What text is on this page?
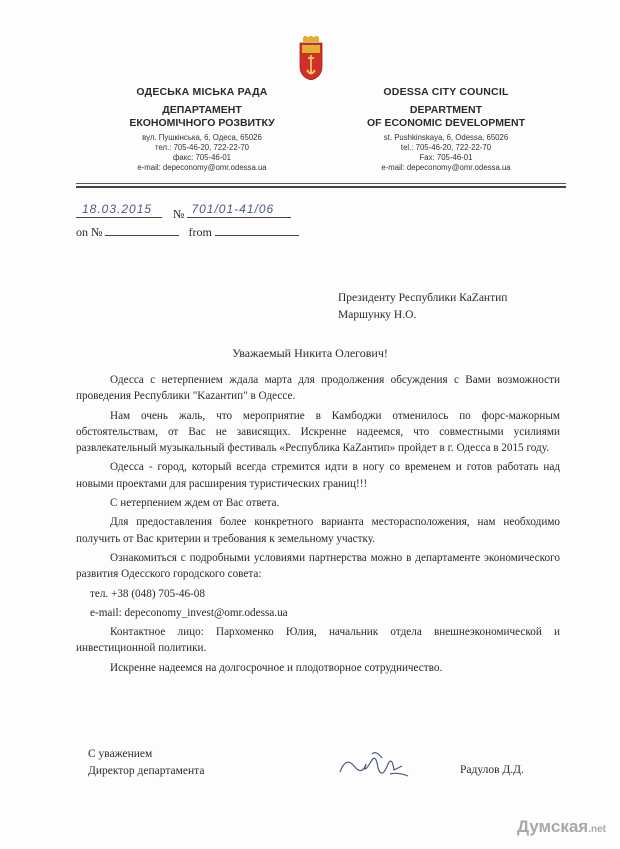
ОДЕСЬКА МІСЬКА РАДА
ДЕПАРТАМЕНТ
ЕКОНОМІЧНОГО РОЗВИТКУ
вул. Пушкінська, 6, Одеса, 65026
тел.: 705-46-20, 722-22-70
факс: 705-46-01
e-mail: depeconomy@omr.odessa.ua
ODESSA CITY COUNCIL
DEPARTMENT
OF ECONOMIC DEVELOPMENT
st. Pushkinskaya, 6, Odessa, 65026
tel.: 705-46-20, 722-22-70
Fax: 705-46-01
e-mail: depeconomy@omr.odessa.ua
18.03.2015 № 701/01-41/06
on №	from
Президенту Республики КаZантип
Маршунку Н.О.
Уважаемый Никита Олегович!

Одесса с нетерпением ждала марта для продолжения обсуждения с Вами возможности проведения Республики "Kazантип" в Одессе.

Нам очень жаль, что мероприятие в Камбоджи отменилось по форс-мажорным обстоятельствам, от Вас не зависящих. Искренне надеемся, что совместными усилиями развлекательный музыкальный фестиваль «Республика КаZантип» пройдет в г. Одесса в 2015 году.

Одесса - город, который всегда стремится идти в ногу со временем и готов работать над новыми проектами для расширения туристических границ!!!

С нетерпением ждем от Вас ответа.

Для предоставления более конкретного варианта месторасположения, нам необходимо получить от Вас критерии и требования к земельному участку.

Ознакомиться с подробными условиями партнерства можно в департаменте экономического развития Одесского городского совета:

тел. +38 (048) 705-46-08

e-mail: depeconomy_invest@omr.odessa.ua

Контактное лицо: Пархоменко Юлия, начальник отдела внешнеэкономической и инвестиционной политики.

Искренне надеемся на долгосрочное и плодотворное сотрудничество.

С уважением
Директор департамента	Радулов Д.Д.
Думская.net
